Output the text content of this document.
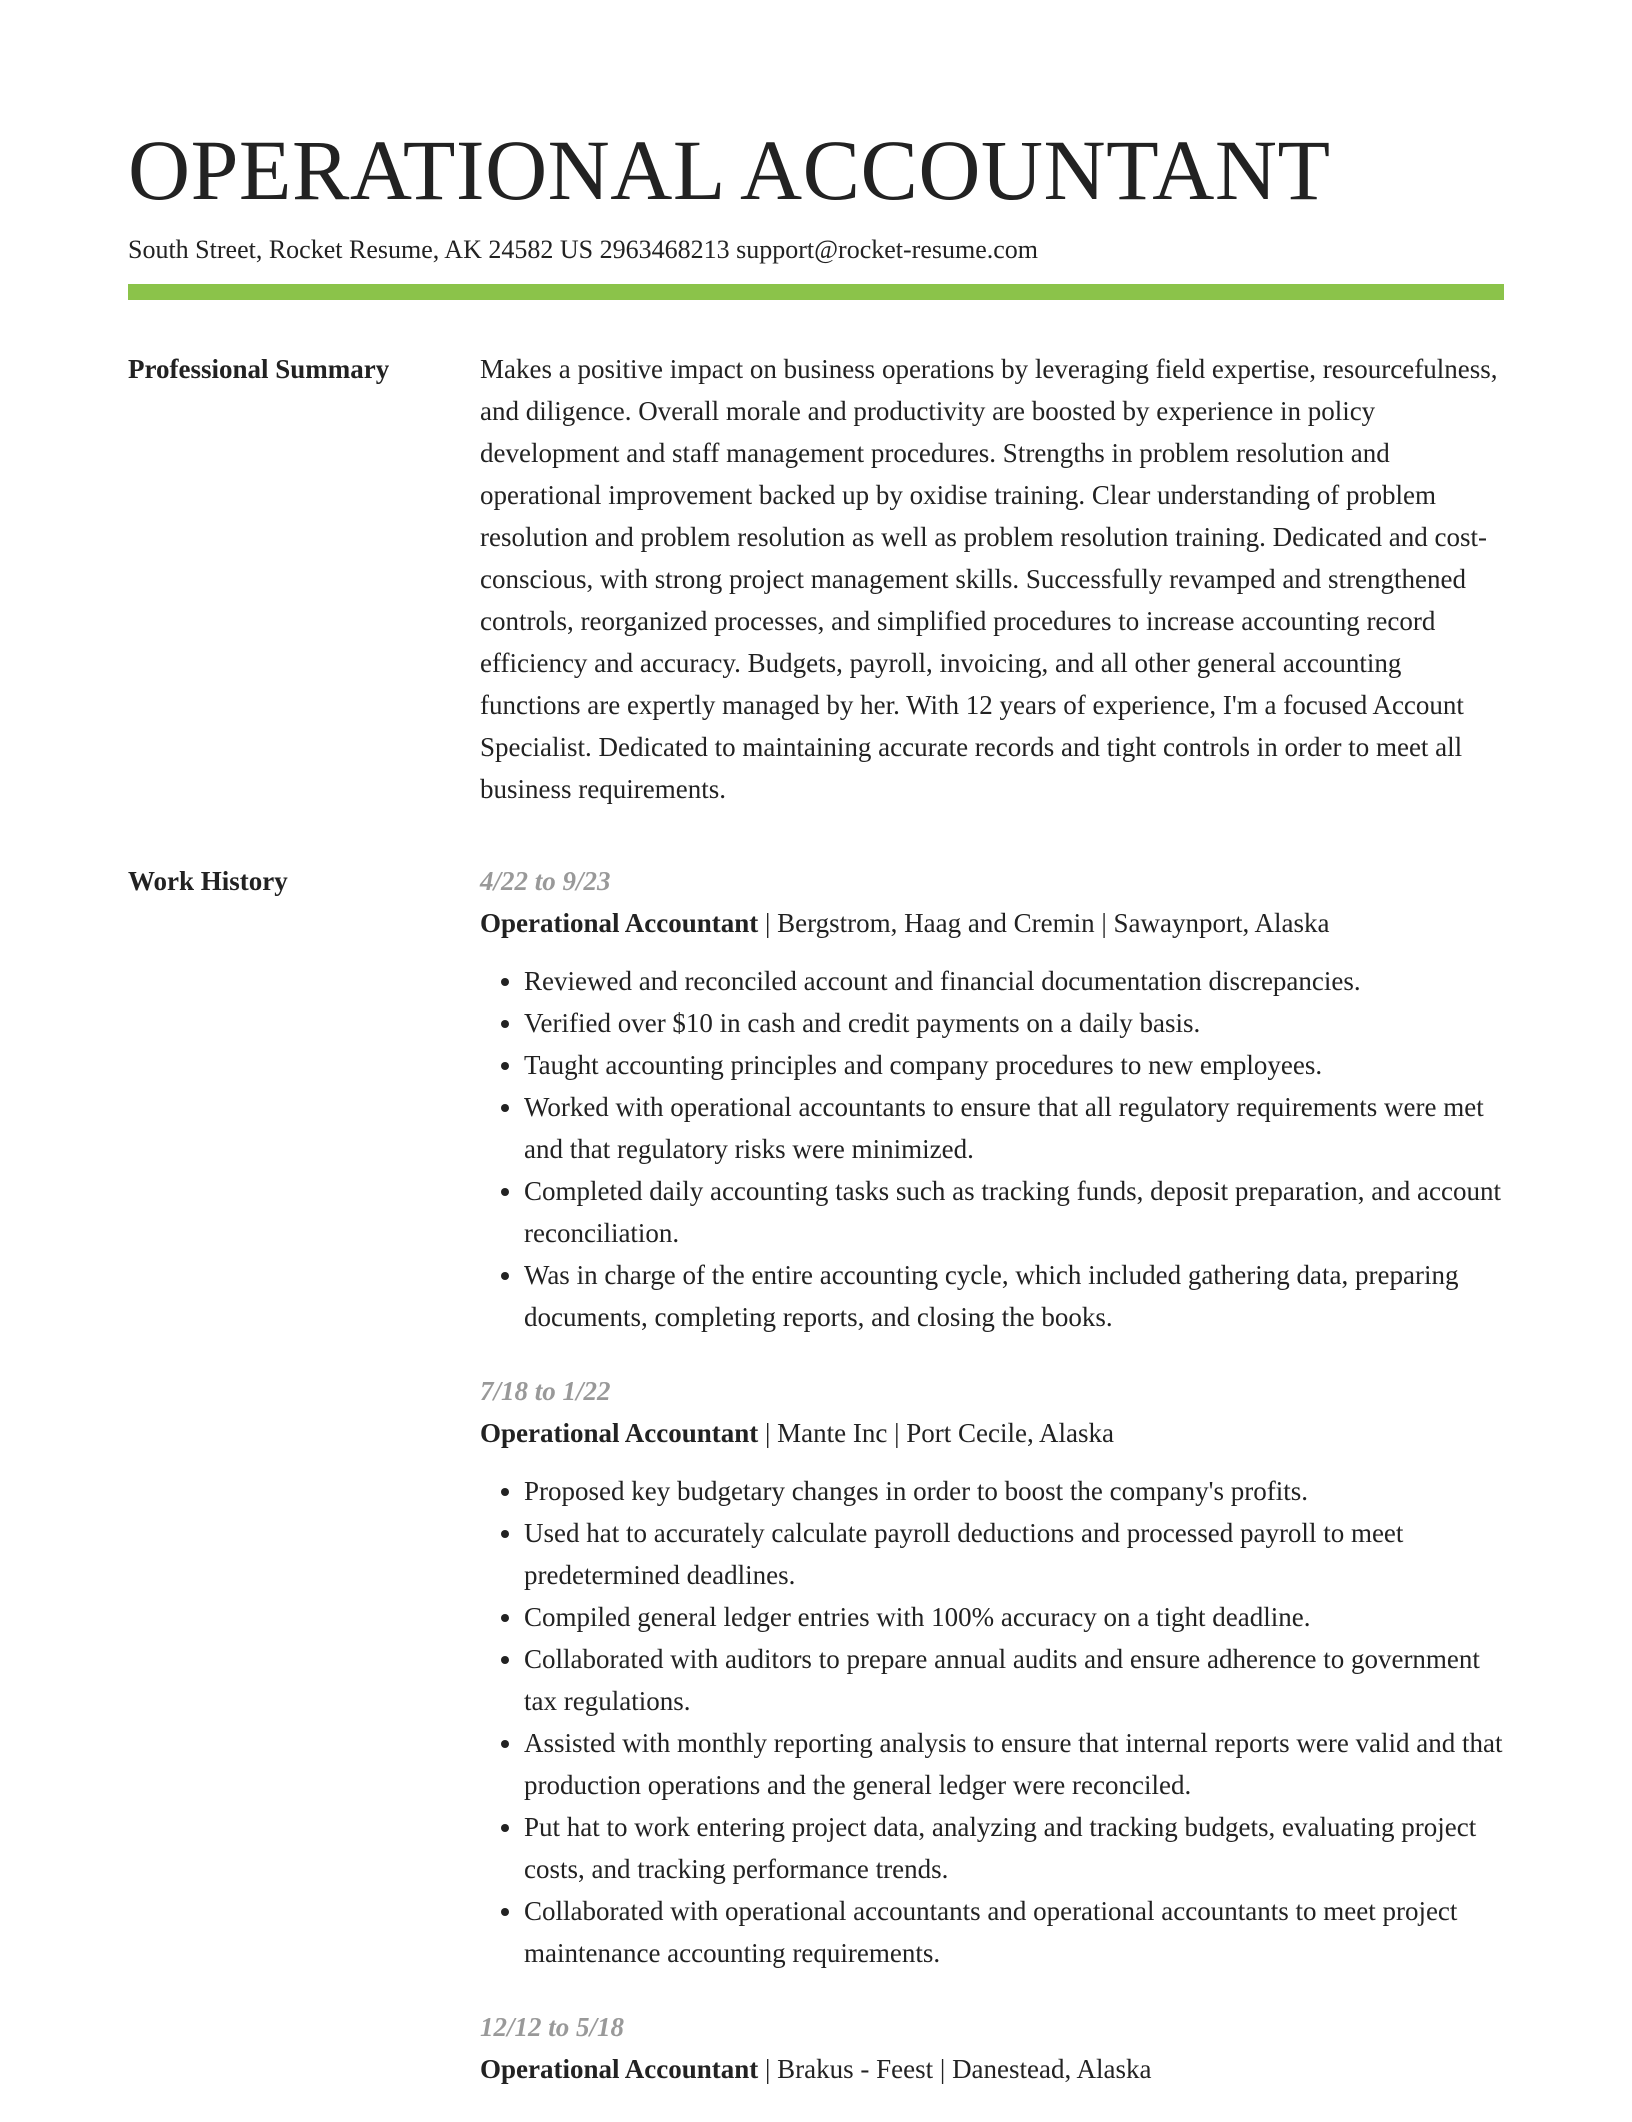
OPERATIONAL ACCOUNTANT
South Street, Rocket Resume, AK 24582 US 2963468213 support@rocket-resume.com
Professional Summary	Makes a positive impact on business operations by leveraging field expertise, resourcefulness, and diligence. Overall morale and productivity are boosted by experience in policy development and staff management procedures. Strengths in problem resolution and operational improvement backed up by oxidise training. Clear understanding of problem resolution and problem resolution as well as problem resolution training. Dedicated and cost-conscious, with strong project management skills. Successfully revamped and strengthened controls, reorganized processes, and simplified procedures to increase accounting record efficiency and accuracy. Budgets, payroll, invoicing, and all other general accounting functions are expertly managed by her. With 12 years of experience, I'm a focused Account Specialist. Dedicated to maintaining accurate records and tight controls in order to meet all business requirements.

Work History	4/22 to 9/23
Operational Accountant | Bergstrom, Haag and Cremin | Sawaynport, Alaska
• Reviewed and reconciled account and financial documentation discrepancies.
• Verified over $10 in cash and credit payments on a daily basis.
• Taught accounting principles and company procedures to new employees.
• Worked with operational accountants to ensure that all regulatory requirements were met and that regulatory risks were minimized.
• Completed daily accounting tasks such as tracking funds, deposit preparation, and account reconciliation.
• Was in charge of the entire accounting cycle, which included gathering data, preparing documents, completing reports, and closing the books.
7/18 to 1/22
Operational Accountant | Mante Inc | Port Cecile, Alaska
• Proposed key budgetary changes in order to boost the company's profits.
• Used hat to accurately calculate payroll deductions and processed payroll to meet predetermined deadlines.
• Compiled general ledger entries with 100% accuracy on a tight deadline.
• Collaborated with auditors to prepare annual audits and ensure adherence to government tax regulations.
• Assisted with monthly reporting analysis to ensure that internal reports were valid and that production operations and the general ledger were reconciled.
• Put hat to work entering project data, analyzing and tracking budgets, evaluating project costs, and tracking performance trends.
• Collaborated with operational accountants and operational accountants to meet project maintenance accounting requirements.
12/12 to 5/18
Operational Accountant | Brakus - Feest | Danestead, Alaska
